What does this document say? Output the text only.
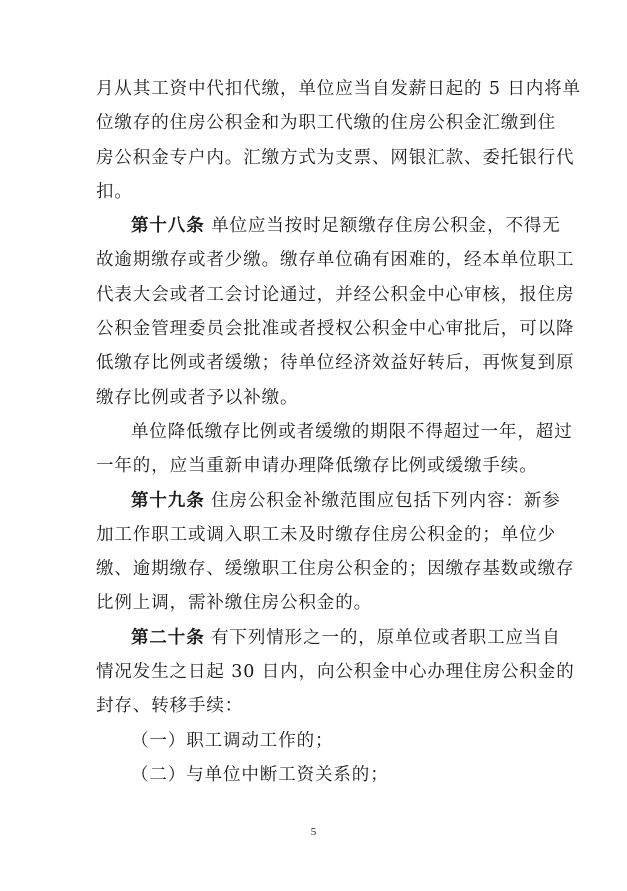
月从其工资中代扣代缴，单位应当自发薪日起的 5 日内将单
位缴存的住房公积金和为职工代缴的住房公积金汇缴到住
房公积金专户内。汇缴方式为支票、网银汇款、委托银行代
扣。
第十八条 单位应当按时足额缴存住房公积金，不得无
故逾期缴存或者少缴。缴存单位确有困难的，经本单位职工
代表大会或者工会讨论通过，并经公积金中心审核，报住房
公积金管理委员会批准或者授权公积金中心审批后，可以降
低缴存比例或者缓缴；待单位经济效益好转后，再恢复到原
缴存比例或者予以补缴。
单位降低缴存比例或者缓缴的期限不得超过一年，超过
一年的，应当重新申请办理降低缴存比例或缓缴手续。
第十九条 住房公积金补缴范围应包括下列内容：新参
加工作职工或调入职工未及时缴存住房公积金的；单位少
缴、逾期缴存、缓缴职工住房公积金的；因缴存基数或缴存
比例上调，需补缴住房公积金的。
第二十条 有下列情形之一的，原单位或者职工应当自
情况发生之日起 30 日内，向公积金中心办理住房公积金的
封存、转移手续：
（一）职工调动工作的；
（二）与单位中断工资关系的；
5
